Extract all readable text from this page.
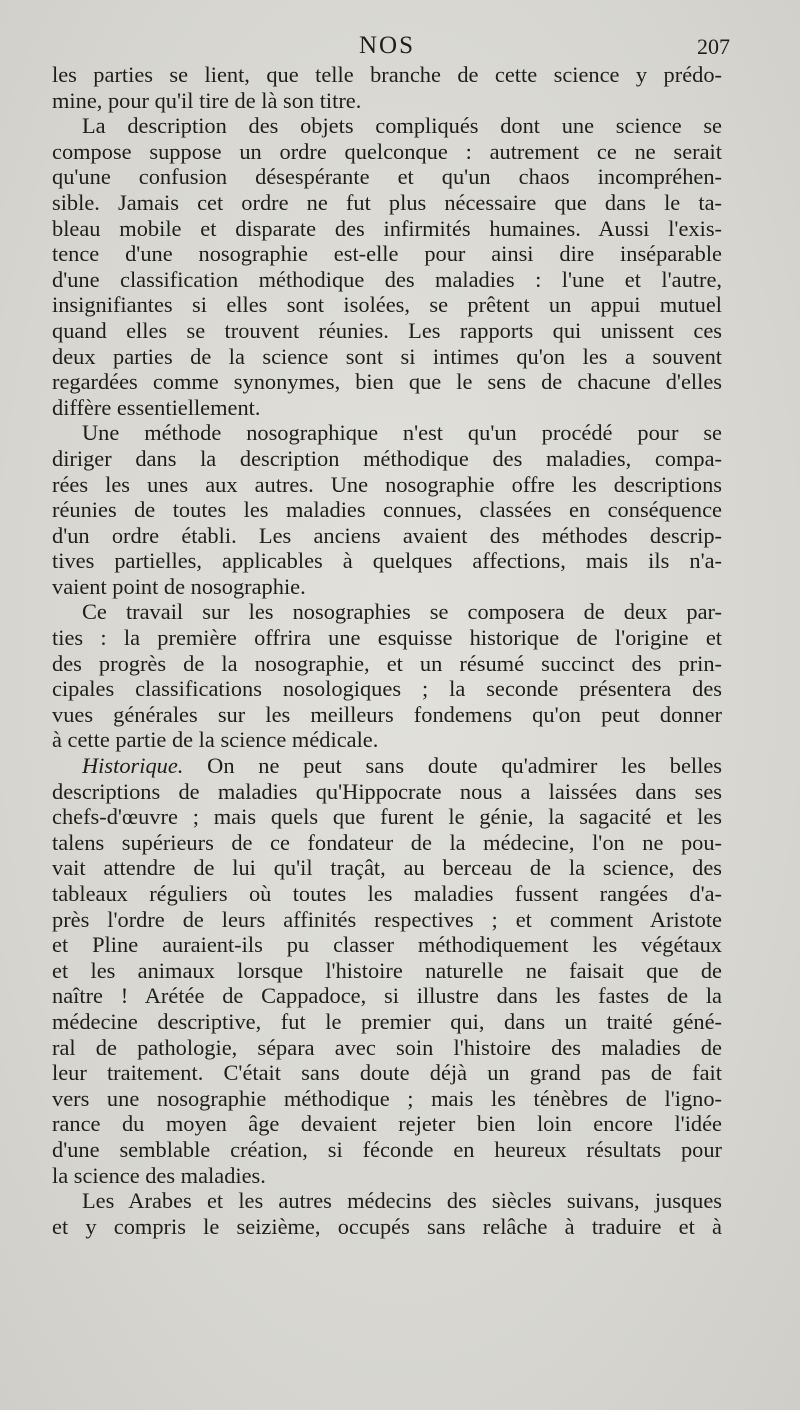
NOS	207

les parties se lient, que telle branche de cette science y prédo-
mine, pour qu'il tire de là son titre.

La description des objets compliqués dont une science se
compose suppose un ordre quelconque : autrement ce ne serait
qu'une confusion désespérante et qu'un chaos incompréhen-
sible. Jamais cet ordre ne fut plus nécessaire que dans le ta-
bleau mobile et disparate des infirmités humaines. Aussi l'exis-
tence d'une nosographie est-elle pour ainsi dire inséparable
d'une classification méthodique des maladies : l'une et l'autre,
insignifiantes si elles sont isolées, se prêtent un appui mutuel
quand elles se trouvent réunies. Les rapports qui unissent ces
deux parties de la science sont si intimes qu'on les a souvent
regardées comme synonymes, bien que le sens de chacune d'elles
diffère essentiellement.

Une méthode nosographique n'est qu'un procédé pour se
diriger dans la description méthodique des maladies, compa-
rées les unes aux autres. Une nosographie offre les descriptions
réunies de toutes les maladies connues, classées en conséquence
d'un ordre établi. Les anciens avaient des méthodes descrip-
tives partielles, applicables à quelques affections, mais ils n'a-
vaient point de nosographie.

Ce travail sur les nosographies se composera de deux par-
ties : la première offrira une esquisse historique de l'origine et
des progrès de la nosographie, et un résumé succinct des prin-
cipales classifications nosologiques ; la seconde présentera des
vues générales sur les meilleurs fondemens qu'on peut donner
à cette partie de la science médicale.

Historique. On ne peut sans doute qu'admirer les belles
descriptions de maladies qu'Hippocrate nous a laissées dans ses
chefs-d'œuvre ; mais quels que furent le génie, la sagacité et les
talens supérieurs de ce fondateur de la médecine, l'on ne pou-
vait attendre de lui qu'il traçât, au berceau de la science, des
tableaux réguliers où toutes les maladies fussent rangées d'a-
près l'ordre de leurs affinités respectives ; et comment Aristote
et Pline auraient-ils pu classer méthodiquement les végétaux
et les animaux lorsque l'histoire naturelle ne faisait que de
naître ! Arétée de Cappadoce, si illustre dans les fastes de la
médecine descriptive, fut le premier qui, dans un traité géné-
ral de pathologie, sépara avec soin l'histoire des maladies de
leur traitement. C'était sans doute déjà un grand pas de fait
vers une nosographie méthodique ; mais les ténèbres de l'igno-
rance du moyen âge devaient rejeter bien loin encore l'idée
d'une semblable création, si féconde en heureux résultats pour
la science des maladies.

Les Arabes et les autres médecins des siècles suivans, jusques
et y compris le seizième, occupés sans relâche à traduire et à
